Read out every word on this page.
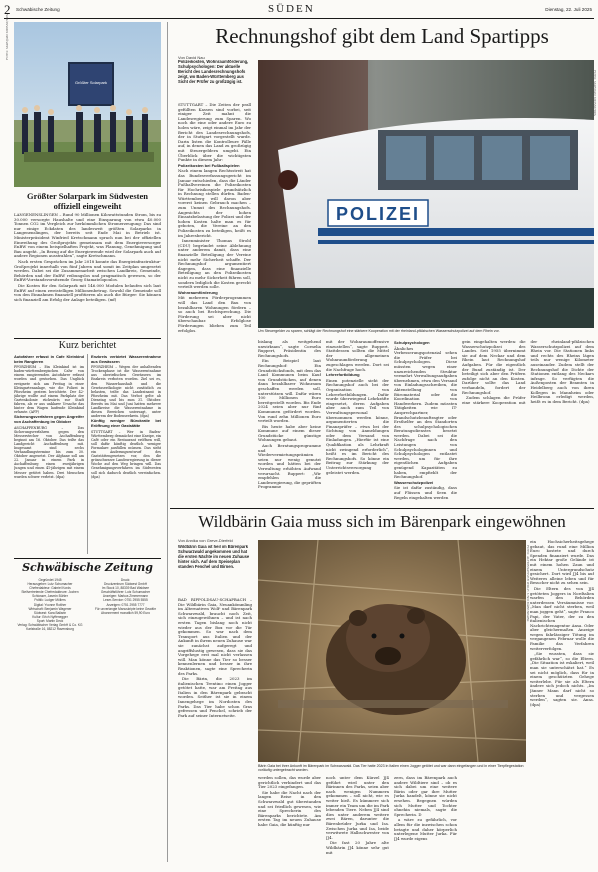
2 Schwäbische Zeitung	SÜDEN	Dienstag, 22. Juli 2025
Größter Solarpark
FOTO: MARIJAN MURAT/DPA
Größter Solarpark im Südwesten
offiziell eingeweiht

LANGENENSLINGEN – Rund 90 Millionen Kilowattstunden Strom, bis zu 30.000 versorgte Haushalte und eine Einsparung von etwa 40.000 Tonnen CO2 im Vergleich zur herkömmlichen Stromerzeugung: Das sind nur einige Eckdaten des landesweit größten Solarparks in Langenenslingen, der bereits seit Ende Mai in Betrieb ist. Ministerpräsident Winfried Kretschmann sprach nun bei der offiziellen Einweihung des Großprojekts gemeinsam mit dem Energieversorger EnBW von einem beispielhaften Projekt, was Planung, Genehmigung und Bau angeht. „In Bezug auf die Energiewende wird der Solarpark auch auf andere Regionen ausstrahlen“, sagte Kretschmann.

Nach ersten Gesprächen im Jahr 2018 konnte das Energieinfrastruktur-Großprojekt innerhalb von fünf Jahren und somit im Zeitplan umgesetzt werden. Dabei sei die Zusammenarbeit zwischen Landkreis, Gemeinde, Behörden und der EnBW reibungslos und pragmatisch gewesen, so der EnBW-Vorstandsvorsitzende Georg Stamatelopoulos.

Die Kosten für den Solarpark mit 146.000 Modulen belaufen sich laut EnBW auf einen zweistelligen Millionenbetrag. Sowohl die Gemeinde soll von den Einnahmen finanziell profitieren als auch die Bürger: Sie können sich finanziell am Erfolg der Anlage beteiligen. (mf)

Kurz berichtet
Autofahrer erfasst in Cafe Kleinkind beim Rangieren

PFORZHEIM – Ein Kleinkind ist im baden-württembergischen Calw von einem rangierenden Autofahrer erfasst worden und gestorben. Das Unglück ereignete sich am Freitag in einer Kleingartenanlage, wie die Polizei in Pforzheim gestern berichtete. Der 42-jährige wollte auf einem Parkplatz der Gartenkolonie rückwärts zur Stadt fahren, als er aus unklarer Ursache das hinter dem Wagen laufende Kleinkind erfasste. (AFP)

Sicherungsverfahren gegen Angreifer von Aschaffenburg im Oktober

ASCHAFFENBURG – Das Sicherungsverfahren gegen den Messerstecher von Aschaffenburg beginnt am 16. Oktober. Das teilte das Landgericht Aschaffenburg mit. Insgesamt sind sechs Verhandlungstermine bis zum 30. Oktober angesetzt. Der Afghane soll am 22. Januar in einem Park in Aschaffenburg einen zweijährigen Jungen und einen 41-jährigen mit einem Messer getötet haben. Drei Menschen wurden schwer verletzt. (dpa)

Enzkreis verbietet Wasserentnahme aus Gewässern

PFORZHEIM – Wegen der anhaltenden Trockenphase ist die Wasserentnahme aus oberirdischen Gewässern im Enzkreis verboten worden. Ziel sei es, den Wasserhaushalt und die Gewässerökologie nicht zusätzlich zu belasten, teilte das Landratsamt in Pforzheim mit. Das Verbot gelte ab Dienstag und bis zum 31. Oktober. Bereits im Mai und Juni hatten mehrere Landkreise die Wasserentnahme in diesen Bereichen untersagt, unter anderem der Bodenseekreis. (dpa)

Künftig weniger Bürokratie bei Eröffnung einer Gaststätte

STUTTGART – Wer in Baden-Württemberg demnächst eine Kneipe, ein Café oder ein Restaurant eröffnen will, soll dafür künftig deutlich weniger Formulare ausfüllen müssen. Das sieht ein Änderungsentwurf des Gaststättengesetzes vor, den die grünschwarze Landesregierung in dieser Woche auf den Weg bringen will. Das Genehmigungsverfahren im Südwesten soll sich dadurch deutlich vereinfachen. (dpa)

Schwäbische Zeitung
Gegründet 1945
Herausgeber: Lutz Schumacher
Chefredakteur: Gabriel Kords
Stellvertretende Chefredakteure: Jochen Schlosser, Jasmin Bühler
Politik: Ludger Möllers
Digital: Yvonne Roither
Wirtschaft: Benjamin Wagener
Südwest: Kara Ballarin
Kultur: Erich Nyffenegger
Sport: Martin Deck
Verlag: Schwäbischer Verlag GmbH & Co. KG
Karlstraße 16, 88212 Ravensburg
Druck:
Druckzentrum Südwest GmbH
Im Stock 10, 88339 Bad Waldsee
Geschäftsführer: Lutz Schumacher
Anzeigen: Markus Zimmermann
Leser-Service: 0751 2955 5555
Anzeigen: 0751 2955 7777
Für unverlangte Manuskripte keine Gewähr
Abonnement monatlich 59,90 Euro
Rechnungshof gibt dem Land Spartipps
Von David Nau
Polizeikosten, Wohnraumförderung, Schulpsychologen: Der aktuelle Bericht des Landesrechnungshofs zeigt, wo Baden-Württemberg aus Sicht der Prüfer zu großzügig ist.

STUTTGART – Die Zeiten der prall gefüllten Kassen sind vorbei, seit einiger Zeit mahnt die Landesregierung zum Sparen. Wo noch die eine oder andere Euro zu holen wäre, zeigt einmal im Jahr der Bericht des Landesrechnungshofs, der in Stuttgart vorgestellt wurde. Darin listen die Kontrolleure Fälle auf, in denen das Land zu großzügig mit Steuergeldern umgeht. Ein Überblick über die wichtigsten Punkte in diesem Jahr:

Polizeikosten bei Fußballspielen

Nach einem langen Rechtsstreit hat das Bundesverfassungsgericht im Januar entschieden, dass die Länder Fußballvereinen die Polizeikosten für Hochrisikospiele grundsätzlich in Rechnung stellen dürfen. Baden-Württemberg will davon aber vorerst keinen Gebrauch machen – zum Unmut des Rechnungshofs. Angesichts der hohen Einsatzbelastung der Polizei und der hohen Kosten halte man es für geboten, die Vereine an den Polizeikosten zu beteiligen, heißt es im Jahresbericht.

Innenminister Thomas Strobl (CDU) begründet seine Ablehnung unter anderem damit, dass eine finanzielle Beteiligung der Vereine nicht mehr Sicherheit schaffe. Der Rechnungshof argumentiert dagegen, dass eine finanzielle Beteiligung an den Polizeikosten nicht zu mehr Sicherheit führen soll, sondern lediglich die Kosten gerecht verteilt werden solle.

Wohnraumförderung

Mit mehreren Förderprogrammen will das Land den Bau von bezahlbaren Wohnungen fördern – so auch bei Rechtsprechung. Die Förderung sei aber nicht überschaubar. Erfolglose Förderungen blieben zum Teil erfolglos.

POLIZEI
FOTO: MARIJAN MURAT/DPA
Um Steuergelder zu sparen, schlägt der Rechnungshof eine stärkere Kooperation mit der rheinland-pfälzischen Wasserschutzpolizei auf dem Rhein vor.

bislang als weitgehend unwirksam“, sagte Cornelia Ruppert, Präsidentin des Rechnungshofs.

Ein Beispiel laut Rechnungshof: Ein Grundstücksfonds, mit dem das Land Kommunen beim Kauf von Grundstücken, auf denen dann bezahlbarer Wohnraum geschaffen werden soll, unterstützen will. Dafür wären 100 Millionen Euro bereitgestellt worden. Bis Ende 2024 seien aber nur fünf Kommunen gefördert worden. Von rund zehn Millionen Euro verteilt worden.

Bis heute habe aber keine Kommune auf einem dieser Grundstücke günstige Wohnungen gebaut.

Auch Beratungsprogramme und Wiedervermietungsprämien seien nur wenig genutzt worden und hätten bei der Verwaltung erhöhten Aufwand verursacht. Ruppert: „Wir empfehlen die Landesregierung, die geprüften Programme

mit der Wohnraumoffensive einzustellen“, sagte Ruppert. Stattdessen sollten die Mittel der allgemeinen Wohnraumförderung zugeschlagen werden. Dort sei die Nachfrage hoch.

Lehrerfortbildung

Einen potenzielle sieht der Rechnungshof auch bei der Organisation von Lehrerfortbildungen. Dafür wurde überwiegend Lehrkräfte eingesetzt, deren Aufgaben aber auch zum Teil von Verwaltungspersonal übernommen werden könne, argumentierten die Finanzprüfer – etwa bei der Sichtung von Anmeldungen oder dem Versand von Einladungen. „Hierfür ist eine Qualifikation als Lehrkraft nicht zwingend erforderlich“, heißt es im Bericht des Rechnungshofs. So könne ein Beitrag zur Stärkung der Unterrichtsversorgung geleistet werden.

Schulpsychologen

Ähnliches Verbesserungspotenzial sehen die Prüfer bei Schulpsychologen. Diese müssten wegen einer unzureichenden Struktur vermehrt Verwaltungsaufgaben übernehmen, etwa den Versand von Einladungsschreiben, die Aktenstellung von Büromaterial oder die Koordination von Handwerkern. Zudem müssten Tätigkeiten wie IT-Ansprechpartner, Brandschutzbeauftragter oder Ersthelfer an den Standorten des schulpsychologischen Beratungsdienstes besetzt werden. Dabei sei die Nachfrage nach den Leistungen von Schulpsychologinnen und Schulpsychologen entlastet werden, um für ihre eigentlichen Aufgaben genügend Kapazitäten zu haben, empfiehlt der Rechnungshof.

Wasserschutzpolizei

Sie ist dafür zuständig, dass auf Flüssen und Seen die Regeln eingehalten werden

gein eingehalten werden: die Wasserschutzpolizei des Landes. Seit 1955 übernimmt sie auf dem Neckar und dem Rhein laut Rechnungshof Aufgaben. Für die eigentlich der Bund zuständig ist. Der beteiligt sich aber den Prüfern zufolge nicht an den Kosten. Darüber sollte das Land verhandeln, fordert der Rechnungshof.

Zudem schlagen die Prüfer eine stärkere Kooperation mit der rheinland-pfälzischen Wasserschutzpolizei auf dem Rhein vor. Die Stationen links und rechts des Rheins lägen teils nur wenige Kilometer auseinander. Zudem stellt der Rechnungshof die Dichte der Stationen entlang des Neckars infrage. So verfügten die Außenposten der Beamten in Heidelberg auch von ihren Kollegen in Mannheim oder Heilbronn erledigt werden, heißt es in dem Bericht. (dpa)

Wildbärin Gaia muss sich im Bärenpark eingewöhnen
Von Annika von Greve-Dierfeld
Wildbärin Gaia ist heil im Bärenpark Schwarzwald angekommen und hat die ersten Nächte im neuen Zuhause hinter sich. Auf dem Speiseplan standen Fenchel und Birnen.

BAD RIPPOLDSAU-SCHAPBACH – Die Wildbärin Gaia, Neuankömmling im Alternativen Wolf- und Bärenpark Schwarzwald, braucht noch Zeit, sich einzugewöhnen – und ist nach ersten Tagen bislang noch nicht wieder aus der Box vor die Tür gekommen. So war nach dem Transport aus Italien und der Ankunft in ihrem neuen Zuhause war sie zunächst aufgeregt und angriffslustig gewesen, dass sie das Vorgehege erst mal nicht verlassen will. Man könne das Tier so besser kennenlernen und besser in ihre Reaktionen, sagte eine Sprecherin des Parks.

Die Bärin, die 2023 im italienischen Trentino einen Jogger getötet hatte, war am Freitag aus Italien in den Bärenpark gebracht worden. Seither ist sie in einem Innengehege im Nordosten des Parks. Das Tier habe schon Gras gefressen und Fenchel, schrieb der Park auf seiner Internetseite.

FOTO: ALTERNATIVER WOLF- UND BÄRENPARK
Bärin Gaia bei ihrer Ankunft im Bärenpark im Schwarzwald. Das Tier hatte 2023 in Italien einen Jogger getötet und war dann eingefangen und in einer Tierpflegestation vorläufig untergebracht worden.

werden sollen, das wurde aber gerichtlich verhindert und das Tier 2023 eingefangen.

Sie habe die Nacht nach der langen Reise in den Schwarzwald gut überstanden und sei friedlich gewesen, wie eine Sprecherin des Bärenparks berichtete. Am ersten Tag im neuen Zuhause habe Gaia, die künftig nur

noch unter dem Kürzel JJ4 geführt wird unter den Bärinnen des Parks, seien aber nach wenigen Nummern gekommen – soll nicht, wie es weiter hieß. Es kümmere sich immer ein Team um die im Park lebenden Tiere. Neben JJ4 sind dies unter anderem weitere zwei Bären, darunter die Bärenbrüder Jurka und Isa. Zwischen Jurka und Isa, beide verwitwete Halbschwester von JJ4.

Die fast 20 Jahre alte Wildbärin JJ4 könne sehr gut mit

zern, dass im Bärenpark auch andere Wildtiere sind – ob es sich dabei um eine weitere Bärin oder gar ihre Mutter Jurka handelt, könne sie nicht ersehen. Begegnen würden sich Mutter und Tochter ohnehin niemals, sagte die Sprecherin. D

a wäre zu gefährlich, vor allem für die inzwischen schon betagte und daher körperlich unterlegene Mutter Jurka. Für JJ4 wurde eigens

ein Hochsicherheitsgehege gebaut, das rund eine Million Euro kostete und durch Spenden finanziert wurde. Das ein Hektar große Gelände ist mit einem hohen Zaun und einem Untergrundschutz gesichert. Dort wird JJ4 bis auf Weiteres alleine leben und für Besucher nicht zu sehen sein.

Die Eltern des von JJ4 getöteten Joggers in Nordtalien warfen den Behörden unterdessen Versäumnisse vor. „Man darf nicht sterben, weil man joggen geht“, sagte Franco Papi, der Vater, der zu den italienischen Nachrichtenagentur Ansa. Oder aber gleichermaßen Anzeige wegen fahrlässiger Tötung im vergangenen Februar wolle die Familie das Verfahren weiterverfolgen.

„Sie wussten, dass sie gefährlich war“, so die Eltern. „Die Situation ist eskaliert, weil man sie unterschätzt hat.“ Es sei nicht möglich, dass für in einem geschützten Gehege weiterlebe. Für sie als Eltern ändere sich jedoch nichts. „Im Jänner Mann darf nicht so sterben und vergessen werden“, sagten sie. Ansa. (dpa)
